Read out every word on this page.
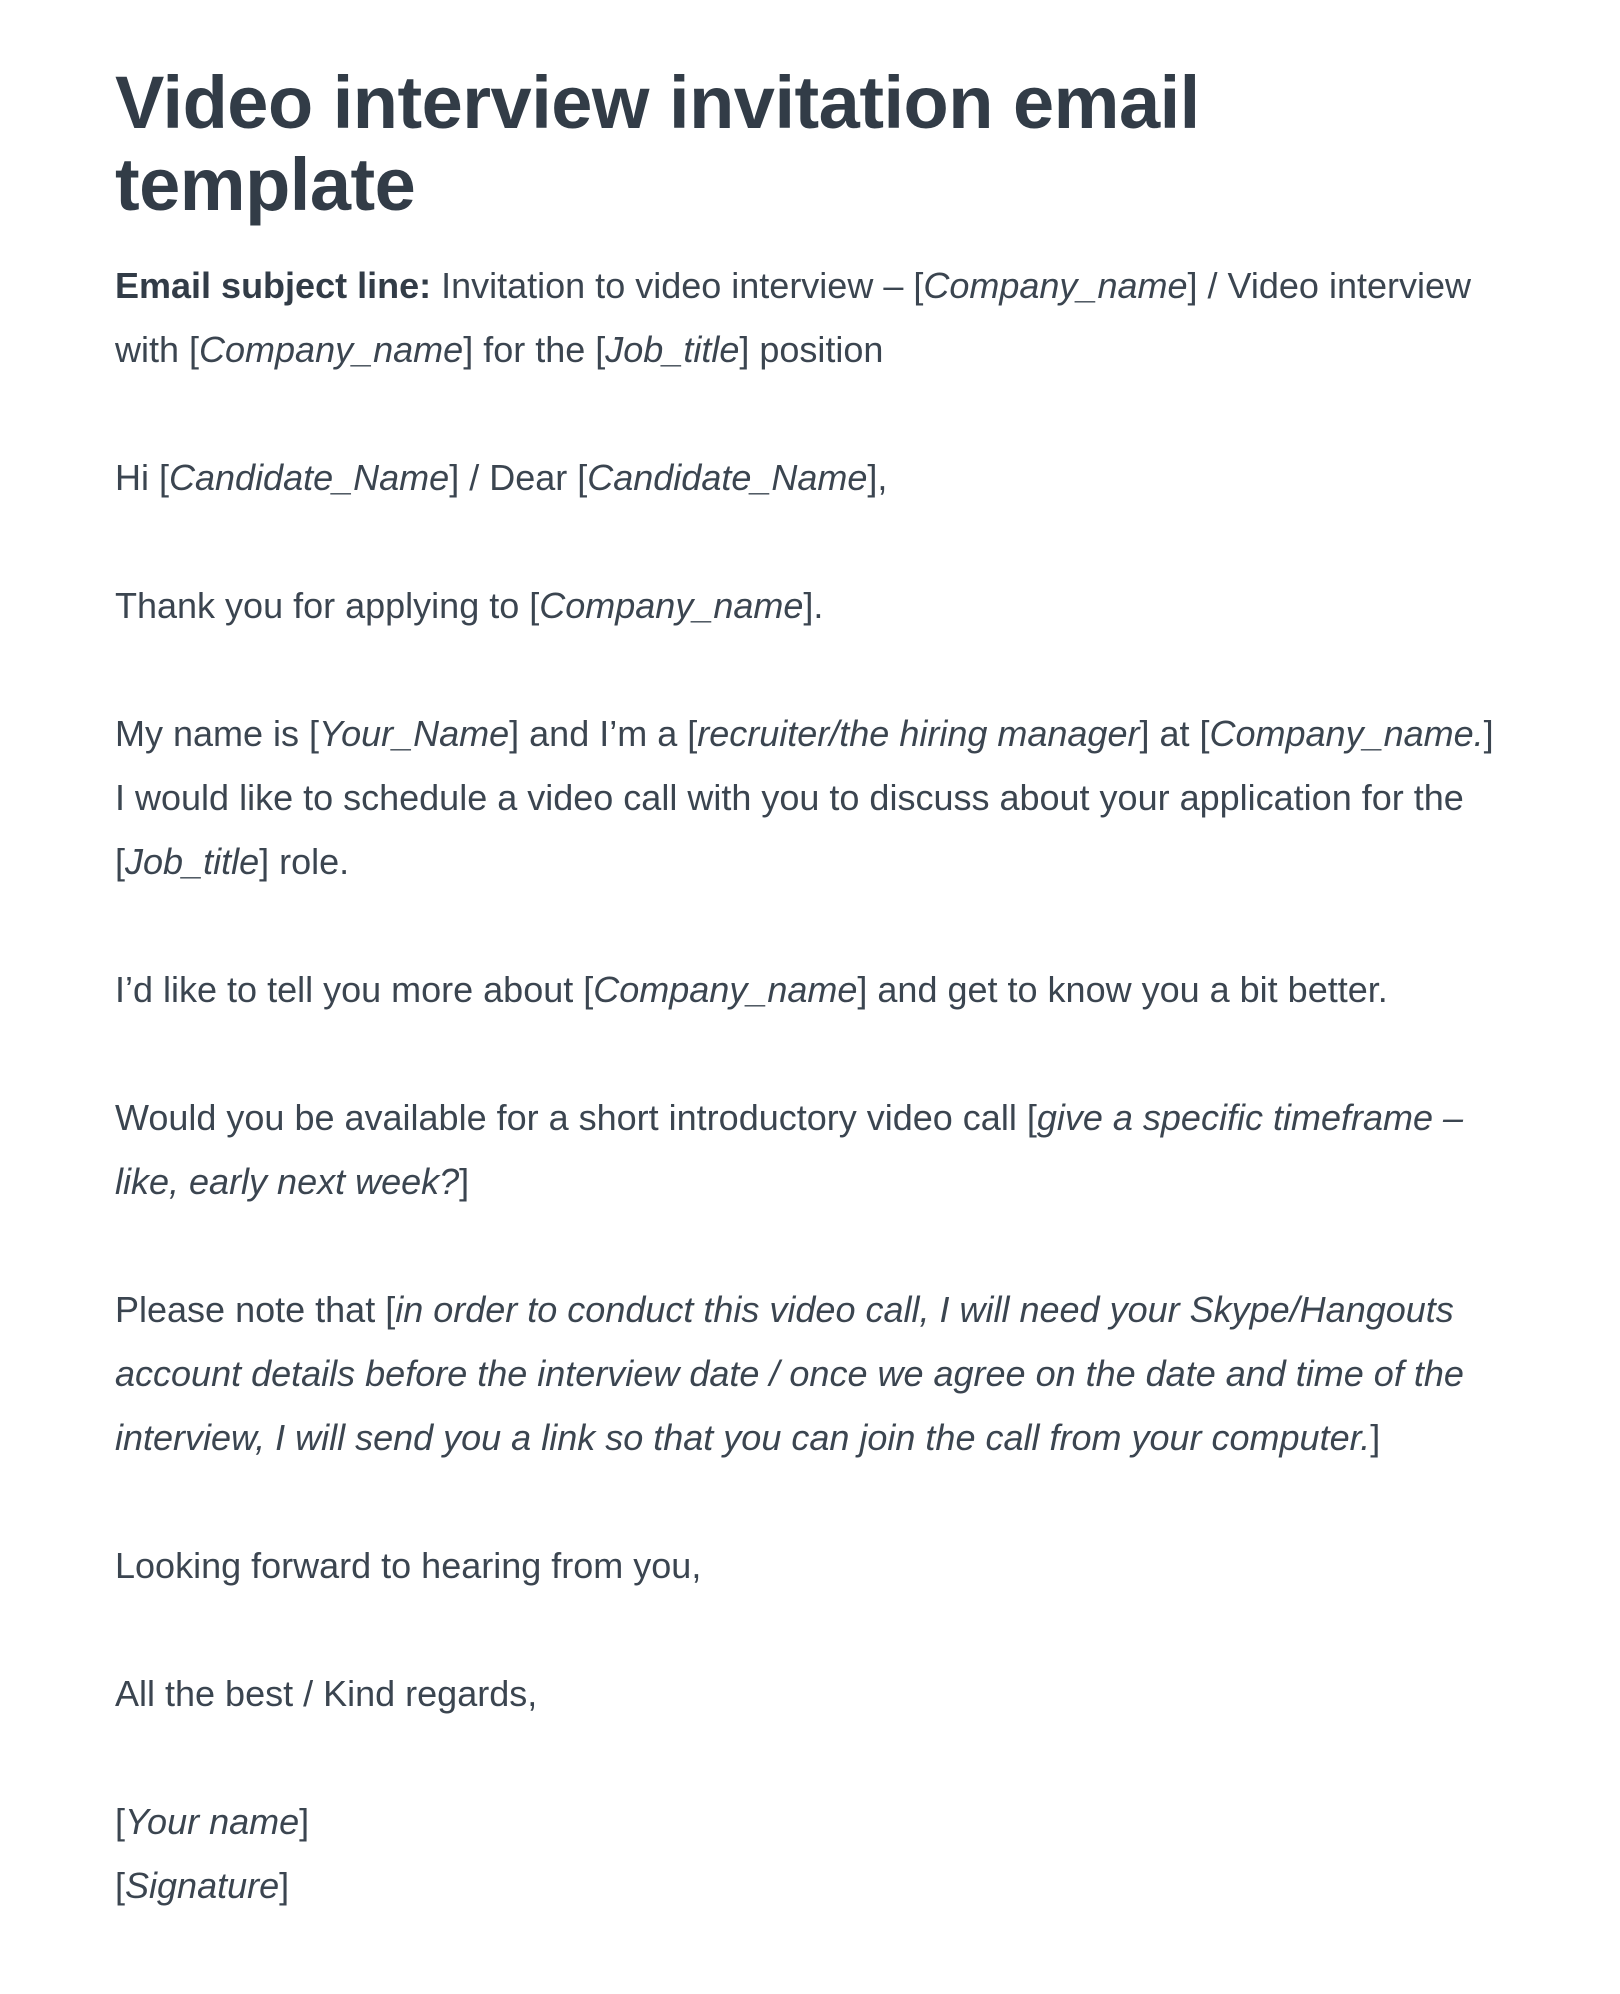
Video interview invitation email template

Email subject line: Invitation to video interview – [Company_name] / Video interview with [Company_name] for the [Job_title] position

Hi [Candidate_Name] / Dear [Candidate_Name],

Thank you for applying to [Company_name].

My name is [Your_Name] and I’m a [recruiter/the hiring manager] at [Company_name.] I would like to schedule a video call with you to discuss about your application for the [Job_title] role.

I’d like to tell you more about [Company_name] and get to know you a bit better.

Would you be available for a short introductory video call [give a specific timeframe – like, early next week?]

Please note that [in order to conduct this video call, I will need your Skype/Hangouts account details before the interview date / once we agree on the date and time of the interview, I will send you a link so that you can join the call from your computer.]

Looking forward to hearing from you,

All the best / Kind regards,

[Your name]
[Signature]
